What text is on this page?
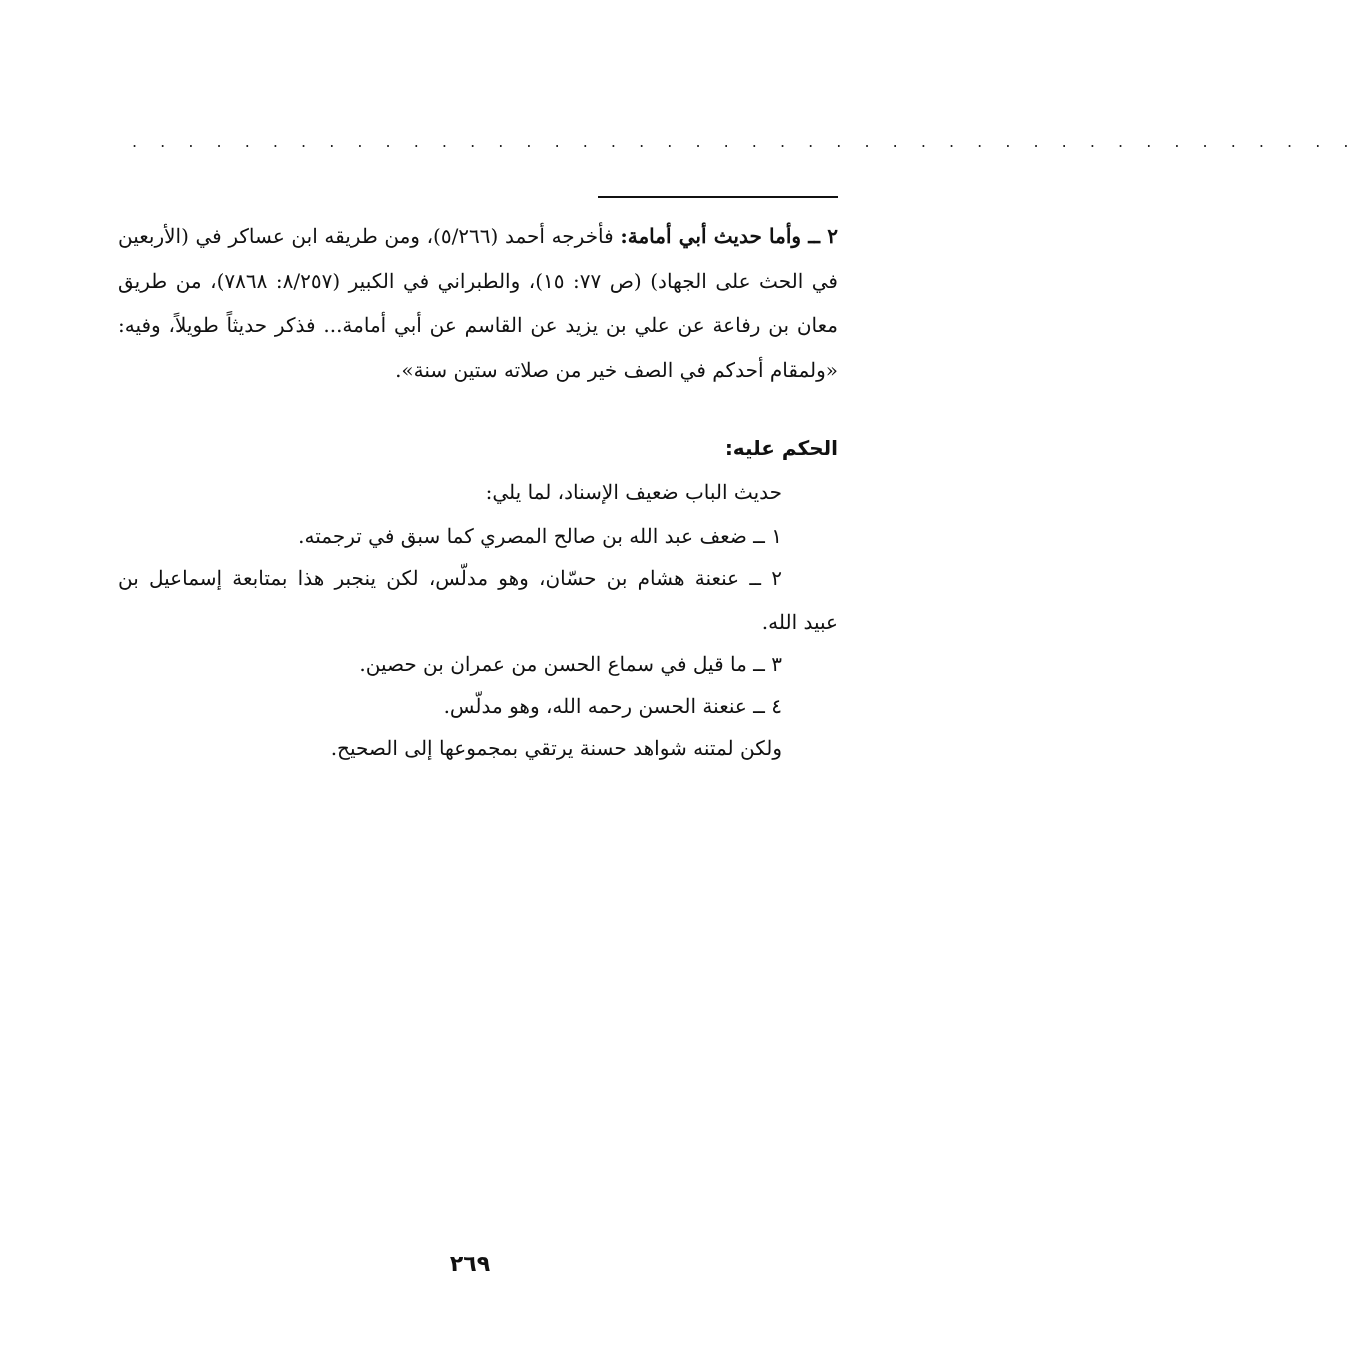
. . . . . . . . . . . . . . . . . . . . . . . . . . . . . . . . . . . . . . . . . . . .

٢ ــ وأما حديث أبي أمامة: فأخرجه أحمد (٥/٢٦٦)، ومن طريقه ابن عساكر في (الأربعين في الحث على الجهاد) (ص ٧٧: ١٥)، والطبراني في الكبير (٨/٢٥٧: ٧٨٦٨)، من طريق معان بن رفاعة عن علي بن يزيد عن القاسم عن أبي أمامة... فذكر حديثاً طويلاً، وفيه: «ولمقام أحدكم في الصف خير من صلاته ستين سنة».

الحكم عليه:
حديث الباب ضعيف الإسناد، لما يلي:
١ ــ ضعف عبد الله بن صالح المصري كما سبق في ترجمته.
٢ ــ عنعنة هشام بن حسّان، وهو مدلّس، لكن ينجبر هذا بمتابعة إسماعيل بن
عبيد الله.
٣ ــ ما قيل في سماع الحسن من عمران بن حصين.
٤ ــ عنعنة الحسن رحمه الله، وهو مدلّس.
ولكن لمتنه شواهد حسنة يرتقي بمجموعها إلى الصحيح.
٢٦٩
